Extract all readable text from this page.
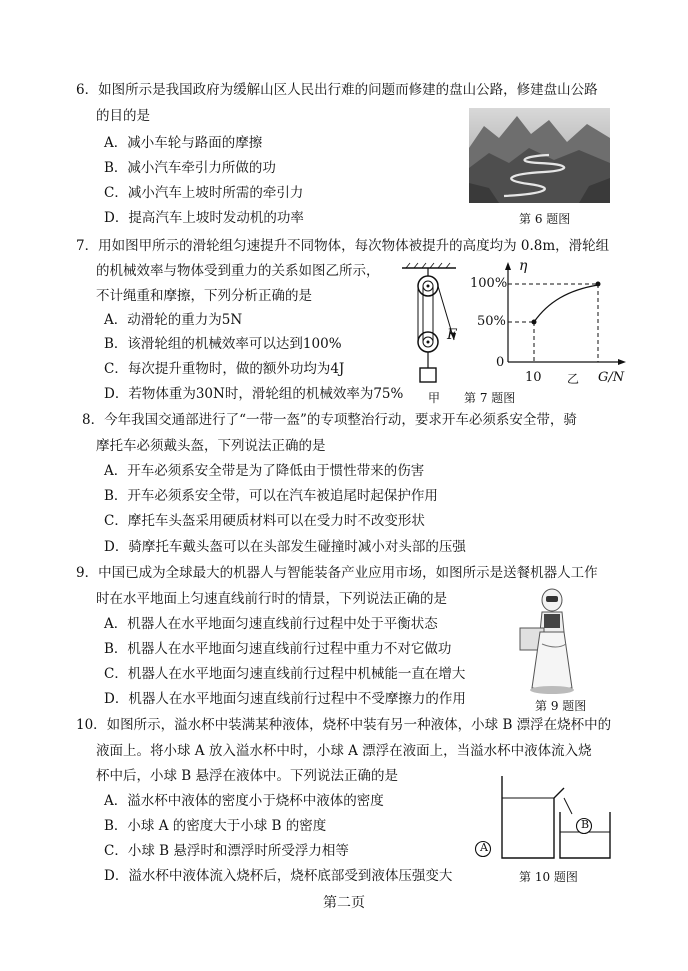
6．如图所示是我国政府为缓解山区人民出行难的问题而修建的盘山公路，修建盘山公路
的目的是
A．减小车轮与路面的摩擦
B．减小汽车牵引力所做的功
C．减小汽车上坡时所需的牵引力
D．提高汽车上坡时发动机的功率	第 6 题图
7．用如图甲所示的滑轮组匀速提升不同物体，每次物体被提升的高度均为 0.8m，滑轮组
的机械效率与物体受到重力的关系如图乙所示，
不计绳重和摩擦，下列分析正确的是
A．动滑轮的重力为5N
B．该滑轮组的机械效率可以达到100%
C．每次提升重物时，做的额外功均为4J
D．若物体重为30N时，滑轮组的机械效率为75%
F
甲 第 7 题图
η
100%
50%
0
10 乙 G/N
8．今年我国交通部进行了“一带一盔”的专项整治行动，要求开车必须系安全带，骑
摩托车必须戴头盔，下列说法正确的是
A．开车必须系安全带是为了降低由于惯性带来的伤害
B．开车必须系安全带，可以在汽车被追尾时起保护作用
C．摩托车头盔采用硬质材料可以在受力时不改变形状
D．骑摩托车戴头盔可以在头部发生碰撞时减小对头部的压强
9．中国已成为全球最大的机器人与智能装备产业应用市场，如图所示是送餐机器人工作
时在水平地面上匀速直线前行时的情景，下列说法正确的是
A．机器人在水平地面匀速直线前行过程中处于平衡状态
B．机器人在水平地面匀速直线前行过程中重力不对它做功
C．机器人在水平地面匀速直线前行过程中机械能一直在增大
D．机器人在水平地面匀速直线前行过程中不受摩擦力的作用	第 9 题图
10．如图所示，溢水杯中装满某种液体，烧杯中装有另一种液体，小球 B 漂浮在烧杯中的
液面上。将小球 A 放入溢水杯中时，小球 A 漂浮在液面上，当溢水杯中液体流入烧
杯中后，小球 B 悬浮在液体中。下列说法正确的是
A．溢水杯中液体的密度小于烧杯中液体的密度
B．小球 A 的密度大于小球 B 的密度
C．小球 B 悬浮时和漂浮时所受浮力相等
D．溢水杯中液体流入烧杯后，烧杯底部受到液体压强变大
A
B
第 10 题图
第二页
